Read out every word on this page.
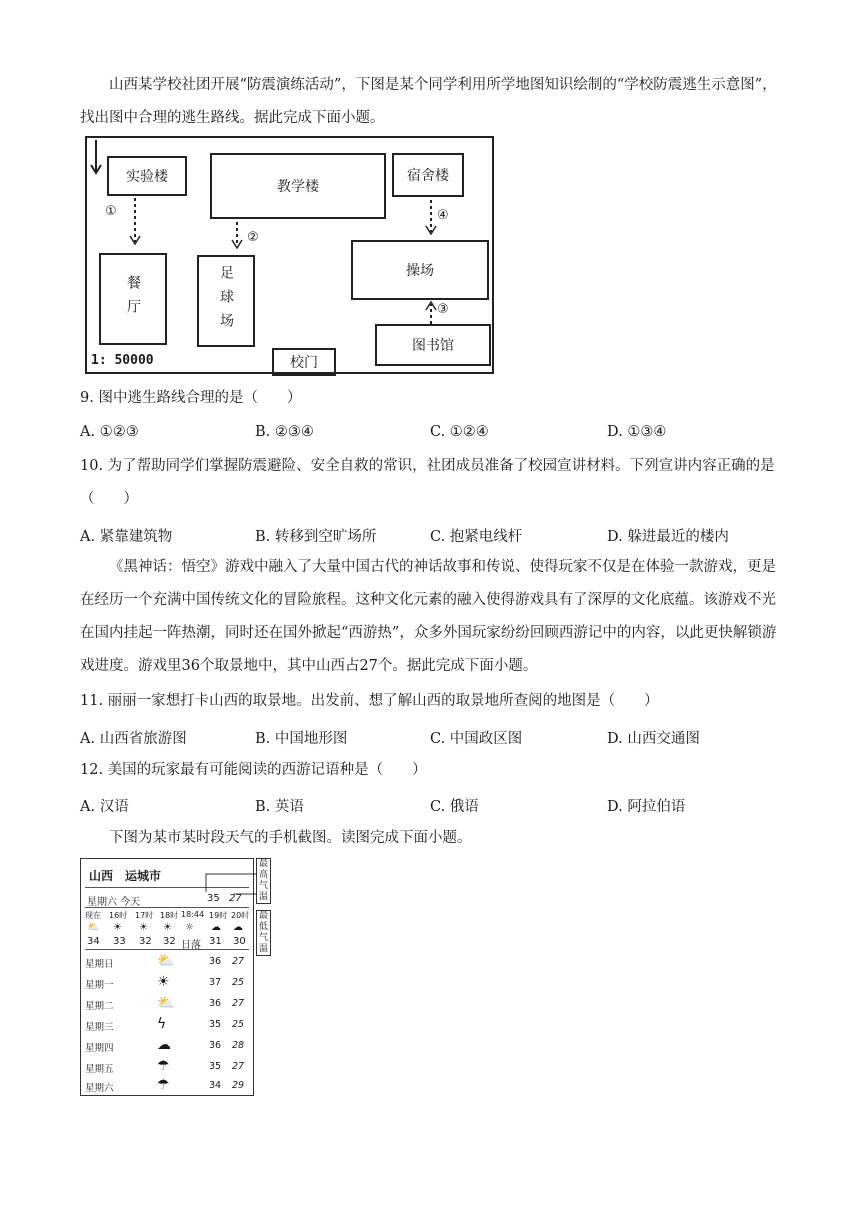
山西某学校社团开展“防震演练活动”，下图是某个同学利用所学地图知识绘制的“学校防震逃生示意图”，找出图中合理的逃生路线。据此完成下面小题。

实验楼
教学楼
宿舍楼
餐厅	足球场	操场
图书馆
校门
①
②
④
③
1: 50000

9. 图中逃生路线合理的是（　　）

A. ①②③	B. ②③④	C. ①②④	D. ①③④

10. 为了帮助同学们掌握防震避险、安全自救的常识，社团成员准备了校园宣讲材料。下列宣讲内容正确的是（　　）

A. 紧靠建筑物	B. 转移到空旷场所	C. 抱紧电线杆	D. 躲进最近的楼内

《黑神话：悟空》游戏中融入了大量中国古代的神话故事和传说、使得玩家不仅是在体验一款游戏，更是在经历一个充满中国传统文化的冒险旅程。这种文化元素的融入使得游戏具有了深厚的文化底蕴。该游戏不光在国内挂起一阵热潮，同时还在国外掀起“西游热”，众多外国玩家纷纷回顾西游记中的内容，以此更快解锁游戏进度。游戏里36个取景地中，其中山西占27个。据此完成下面小题。

11. 丽丽一家想打卡山西的取景地。出发前、想了解山西的取景地所查阅的地图是（　　）

A. 山西省旅游图	B. 中国地形图	C. 中国政区图	D. 山西交通图

12. 美国的玩家最有可能阅读的西游记语种是（　　）

A. 汉语	B. 英语	C. 俄语	D. 阿拉伯语

下图为某市某时段天气的手机截图。读图完成下面小题。

山西　运城市
星期六 今天	35 27
现在 16时 17时 18时 18:44 19时 20时
⛅ ☀ ☀ ☀ ☼ ☁ ☁
34 33 32 32 日落 31 30
星期日	⛅	36 27
星期一	☀	37 25
星期二	⛅	36 27
星期三	ϟ	35 25
星期四	☁	36 28
星期五	☂	35 27
星期六	☂	34 29
最高气温
最低气温
